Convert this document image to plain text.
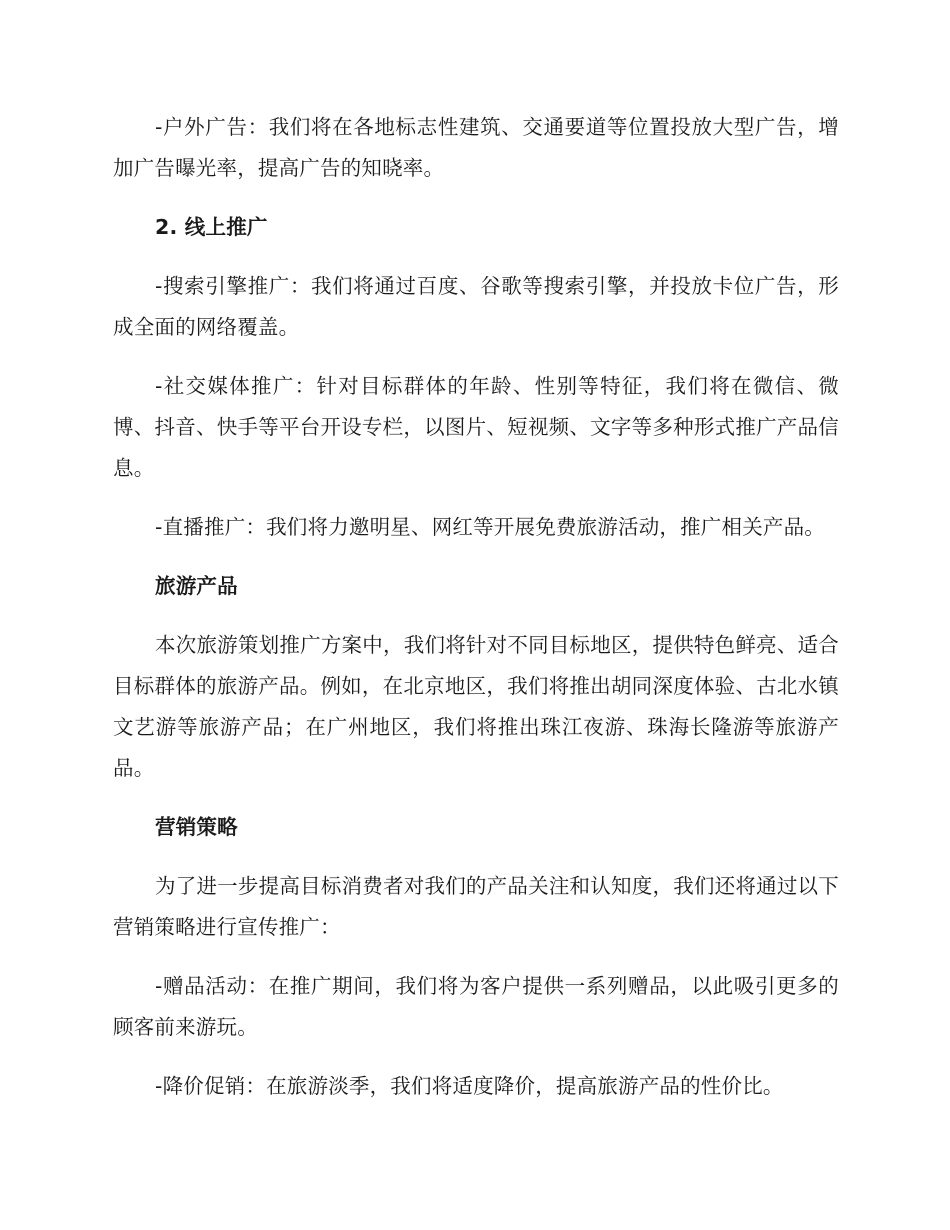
-户外广告：我们将在各地标志性建筑、交通要道等位置投放大型广告，增加广告曝光率，提高广告的知晓率。

2. 线上推广

-搜索引擎推广：我们将通过百度、谷歌等搜索引擎，并投放卡位广告，形成全面的网络覆盖。

-社交媒体推广：针对目标群体的年龄、性别等特征，我们将在微信、微博、抖音、快手等平台开设专栏，以图片、短视频、文字等多种形式推广产品信息。

-直播推广：我们将力邀明星、网红等开展免费旅游活动，推广相关产品。

旅游产品

本次旅游策划推广方案中，我们将针对不同目标地区，提供特色鲜亮、适合目标群体的旅游产品。例如，在北京地区，我们将推出胡同深度体验、古北水镇文艺游等旅游产品；在广州地区，我们将推出珠江夜游、珠海长隆游等旅游产品。

营销策略

为了进一步提高目标消费者对我们的产品关注和认知度，我们还将通过以下营销策略进行宣传推广：

-赠品活动：在推广期间，我们将为客户提供一系列赠品，以此吸引更多的顾客前来游玩。

-降价促销：在旅游淡季，我们将适度降价，提高旅游产品的性价比。
